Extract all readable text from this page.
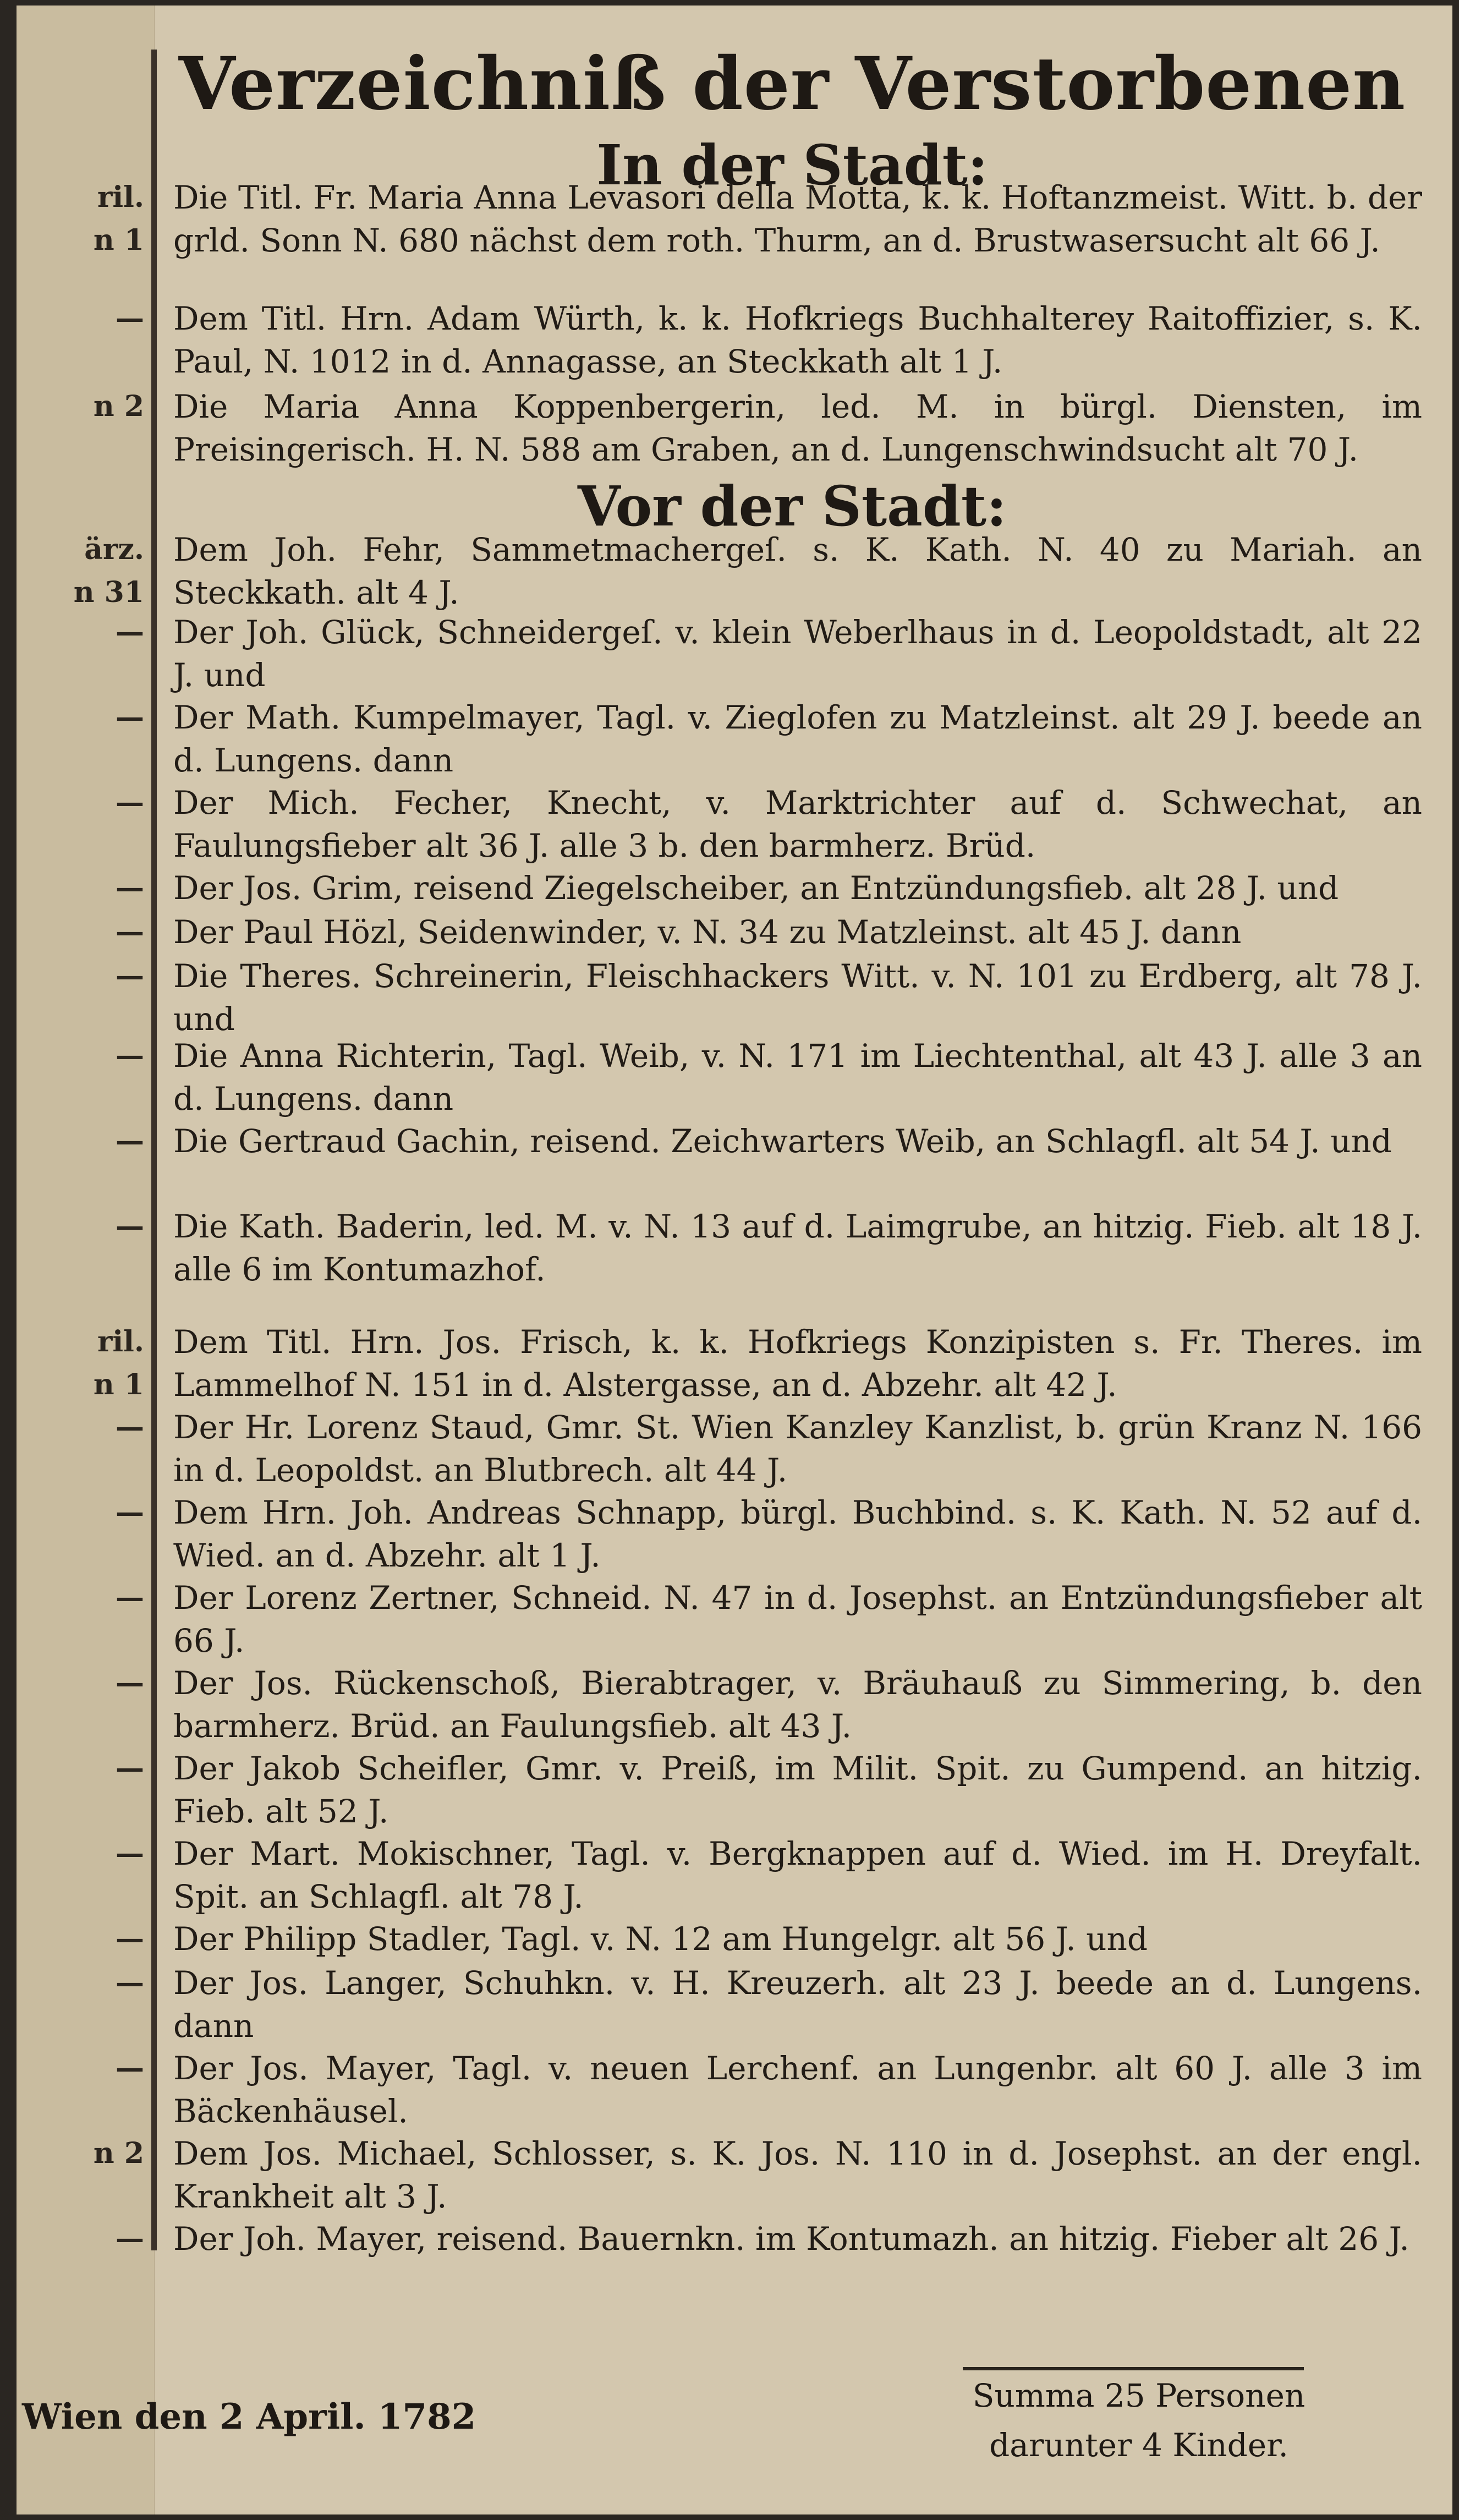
Verzeichniß der Verstorbenen
In der Stadt:
Vor der Stadt:
ril.
n 1

Die Titl. Fr. Maria Anna Levasori della Motta, k. k. Hoftanzmeist. Witt. b. der grld. Sonn N. 680 nächst dem roth. Thurm, an d. Brustwasersucht alt 66 J.

— Dem Titl. Hrn. Adam Würth, k. k. Hofkriegs Buchhalterey Raitoffizier, s. K. Paul, N. 1012 in d. Annagasse, an Steckkath alt 1 J.

n 2 Die Maria Anna Koppenbergerin, led. M. in bürgl. Diensten, im Preisingerisch. H. N. 588 am Graben, an d. Lungenschwindsucht alt 70 J.

ärz.
n 31

Dem Joh. Fehr, Sammetmachergeſ. s. K. Kath. N. 40 zu Mariah. an Steckkath. alt 4 J.

— Der Joh. Glück, Schneidergeſ. v. klein Weberlhaus in d. Leopoldstadt, alt 22 J. und

— Der Math. Kumpelmayer, Tagl. v. Zieglofen zu Matzleinst. alt 29 J. beede an d. Lungens. dann

— Der Mich. Fecher, Knecht, v. Marktrichter auf d. Schwechat, an Faulungsfieber alt 36 J. alle 3 b. den barmherz. Brüd.

— Der Jos. Grim, reisend Ziegelscheiber, an Entzündungsfieb. alt 28 J. und

— Der Paul Hözl, Seidenwinder, v. N. 34 zu Matzleinst. alt 45 J. dann

— Die Theres. Schreinerin, Fleischhackers Witt. v. N. 101 zu Erdberg, alt 78 J. und

— Die Anna Richterin, Tagl. Weib, v. N. 171 im Liechtenthal, alt 43 J. alle 3 an d. Lungens. dann

— Die Gertraud Gachin, reisend. Zeichwarters Weib, an Schlagfl. alt 54 J. und

— Die Kath. Baderin, led. M. v. N. 13 auf d. Laimgrube, an hitzig. Fieb. alt 18 J. alle 6 im Kontumazhof.

ril.
n 1

Dem Titl. Hrn. Jos. Frisch, k. k. Hofkriegs Konzipisten s. Fr. Theres. im Lammelhof N. 151 in d. Alstergasse, an d. Abzehr. alt 42 J.

— Der Hr. Lorenz Staud, Gmr. St. Wien Kanzley Kanzlist, b. grün Kranz N. 166 in d. Leopoldst. an Blutbrech. alt 44 J.

— Dem Hrn. Joh. Andreas Schnapp, bürgl. Buchbind. s. K. Kath. N. 52 auf d. Wied. an d. Abzehr. alt 1 J.

— Der Lorenz Zertner, Schneid. N. 47 in d. Josephst. an Entzündungsfieber alt 66 J.

— Der Jos. Rückenschoß, Bierabtrager, v. Bräuhauß zu Simmering, b. den barmherz. Brüd. an Faulungsfieb. alt 43 J.

— Der Jakob Scheifler, Gmr. v. Preiß, im Milit. Spit. zu Gumpend. an hitzig. Fieb. alt 52 J.

— Der Mart. Mokischner, Tagl. v. Bergknappen auf d. Wied. im H. Dreyfalt. Spit. an Schlagfl. alt 78 J.

— Der Philipp Stadler, Tagl. v. N. 12 am Hungelgr. alt 56 J. und

— Der Jos. Langer, Schuhkn. v. H. Kreuzerh. alt 23 J. beede an d. Lungens. dann

— Der Jos. Mayer, Tagl. v. neuen Lerchenf. an Lungenbr. alt 60 J. alle 3 im Bäckenhäusel.

n 2 Dem Jos. Michael, Schlosser, s. K. Jos. N. 110 in d. Josephst. an der engl. Krankheit alt 3 J.

— Der Joh. Mayer, reisend. Bauernkn. im Kontumazh. an hitzig. Fieber alt 26 J.

Wien den 2 April. 1782

Summa 25 Personen

darunter 4 Kinder.
